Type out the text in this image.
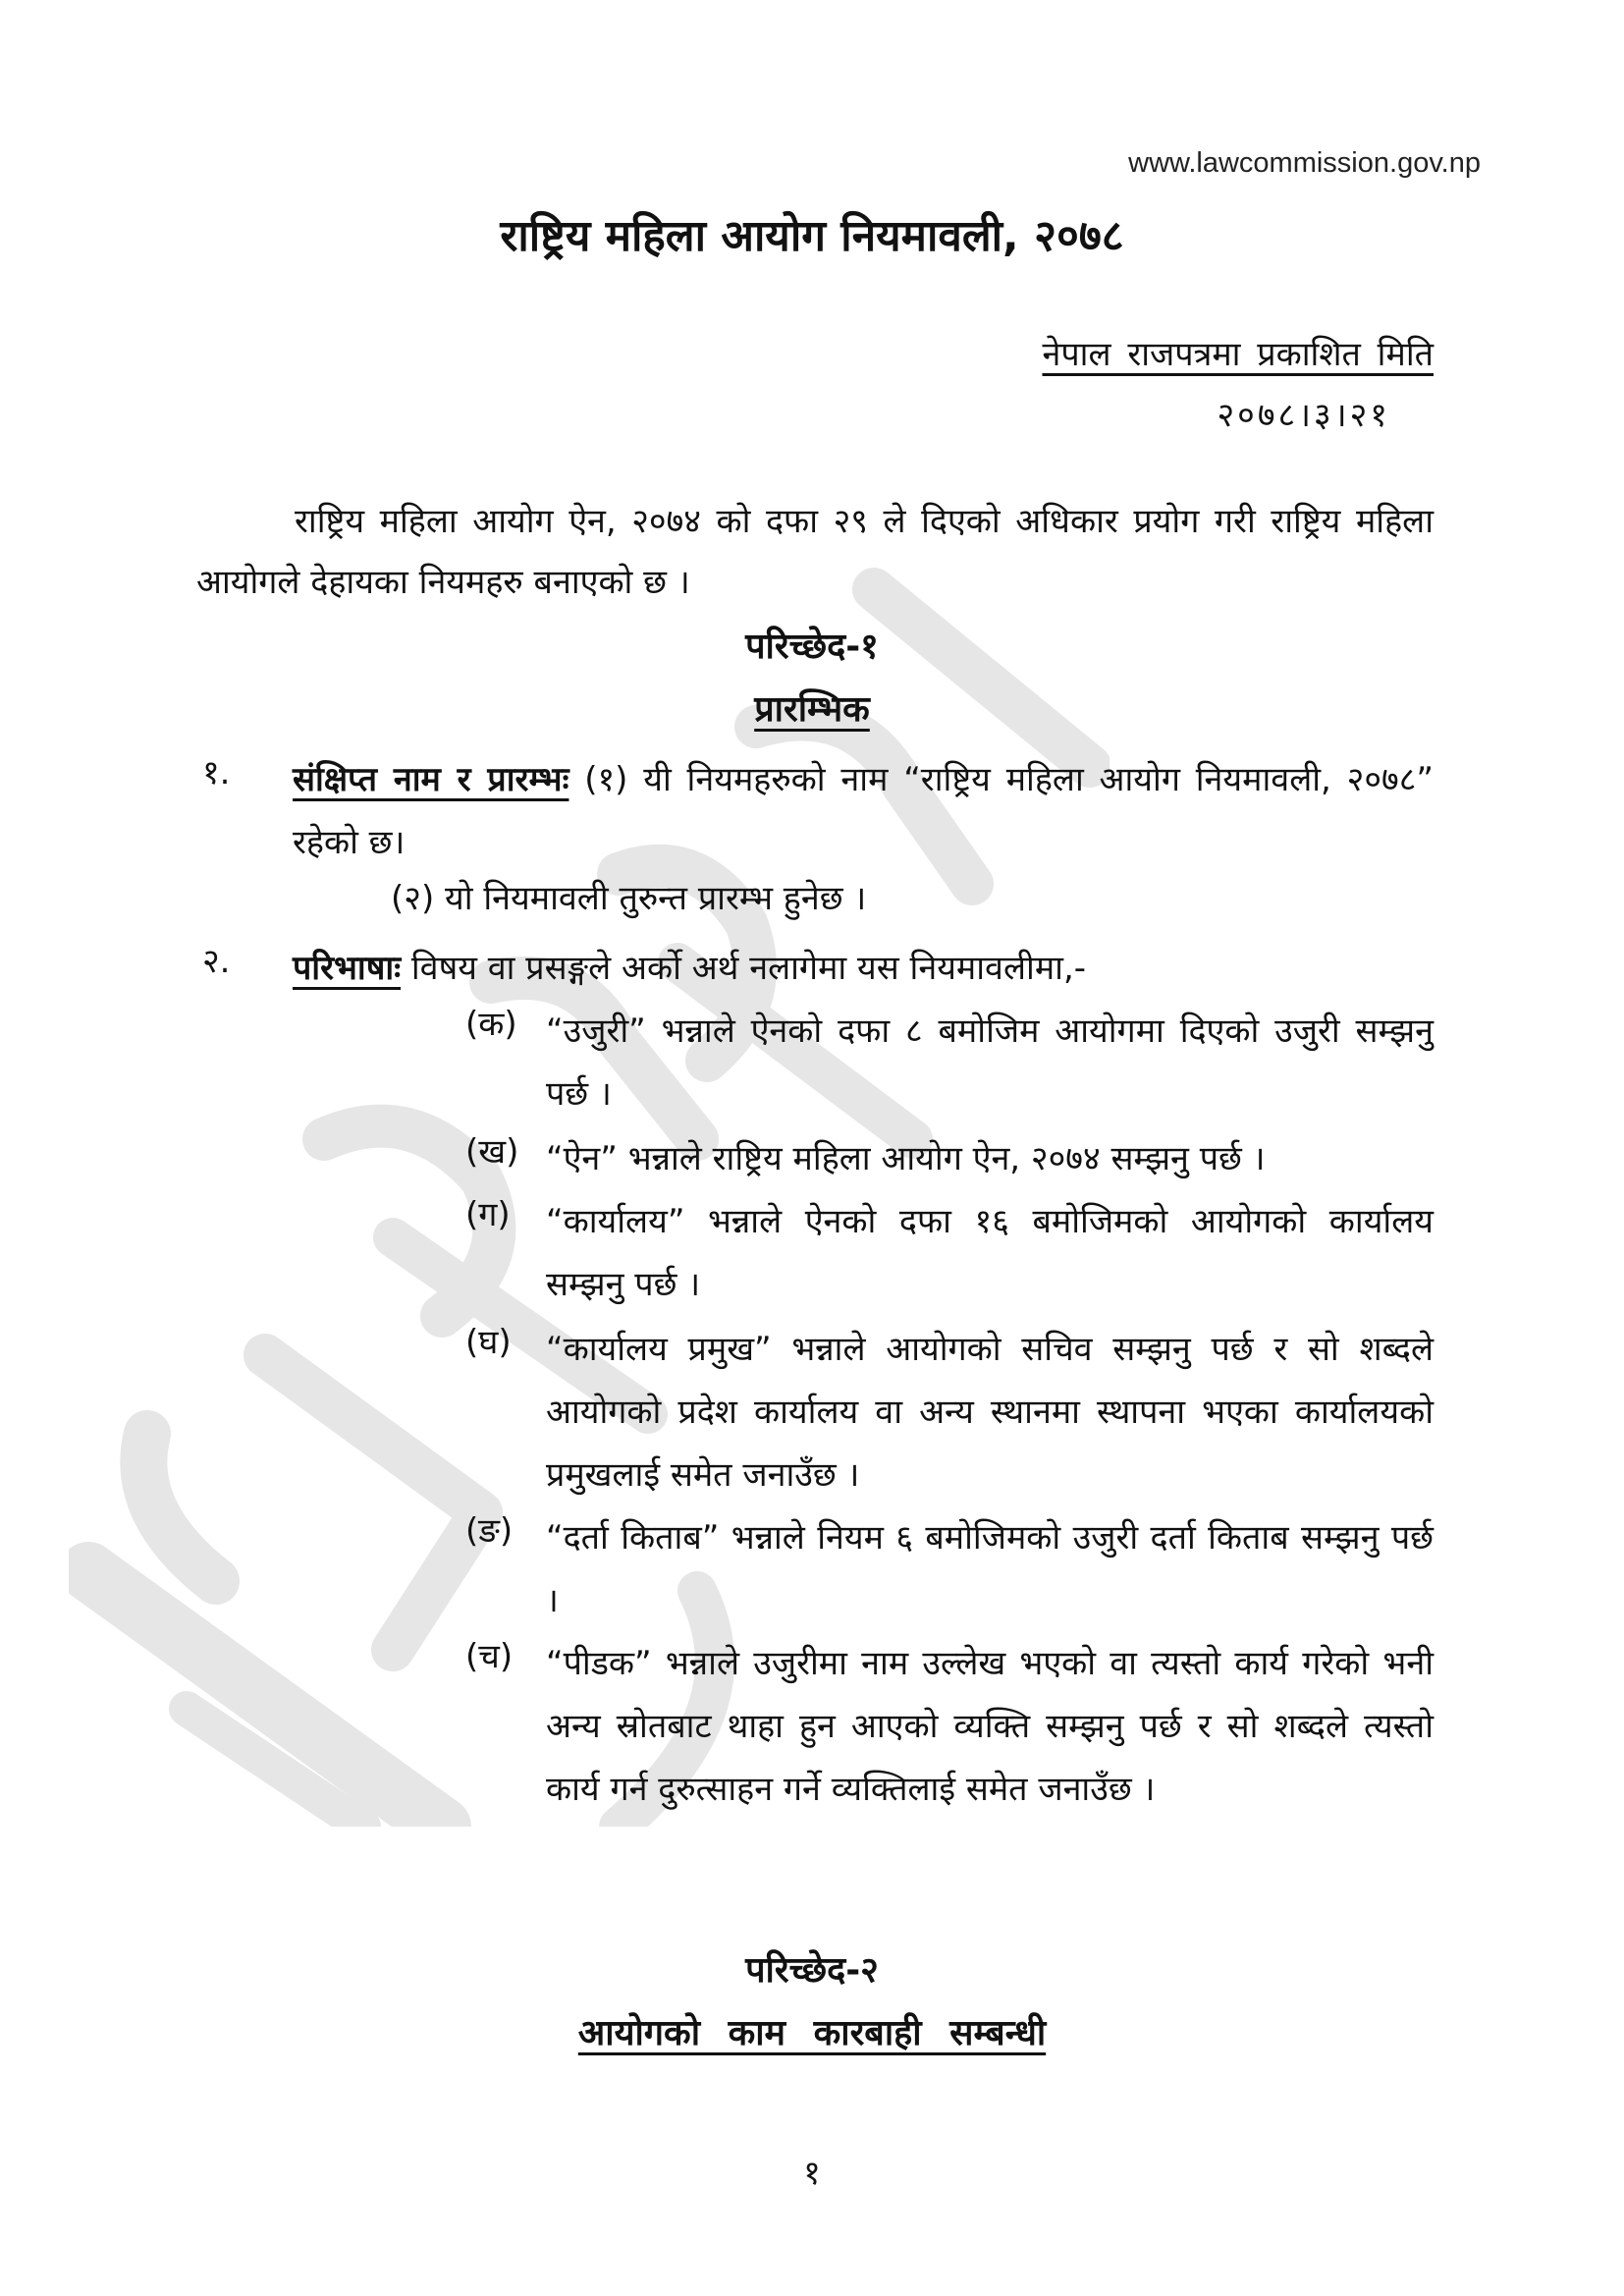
www.lawcommission.gov.np
राष्ट्रिय महिला आयोग नियमावली, २०७८
नेपाल राजपत्रमा प्रकाशित मिति
२०७८।३।२१
राष्ट्रिय महिला आयोग ऐन, २०७४ को दफा २९ ले दिएको अधिकार प्रयोग गरी राष्ट्रिय महिला आयोगले देहायका नियमहरु बनाएको छ ।
परिच्छेद-१
प्रारम्भिक
१. संक्षिप्त नाम र प्रारम्भः (१) यी नियमहरुको नाम “राष्ट्रिय महिला आयोग नियमावली, २०७८” रहेको छ।
(२) यो नियमावली तुरुन्त प्रारम्भ हुनेछ ।
२. परिभाषाः विषय वा प्रसङ्गले अर्को अर्थ नलागेमा यस नियमावलीमा,-
(क) “उजुरी” भन्नाले ऐनको दफा ८ बमोजिम आयोगमा दिएको उजुरी सम्झनु पर्छ ।
(ख) “ऐन” भन्नाले राष्ट्रिय महिला आयोग ऐन, २०७४ सम्झनु पर्छ ।
(ग) “कार्यालय” भन्नाले ऐनको दफा १६ बमोजिमको आयोगको कार्यालय सम्झनु पर्छ ।
(घ) “कार्यालय प्रमुख” भन्नाले आयोगको सचिव सम्झनु पर्छ र सो शब्दले आयोगको प्रदेश कार्यालय वा अन्य स्थानमा स्थापना भएका कार्यालयको प्रमुखलाई समेत जनाउँछ ।
(ङ) “दर्ता किताब” भन्नाले नियम ६ बमोजिमको उजुरी दर्ता किताब सम्झनु पर्छ ।
(च) “पीडक” भन्नाले उजुरीमा नाम उल्लेख भएको वा त्यस्तो कार्य गरेको भनी अन्य स्रोतबाट थाहा हुन आएको व्यक्ति सम्झनु पर्छ र सो शब्दले त्यस्तो कार्य गर्न दुरुत्साहन गर्ने व्यक्तिलाई समेत जनाउँछ ।
परिच्छेद-२
आयोगको काम कारबाही सम्बन्धी
१
